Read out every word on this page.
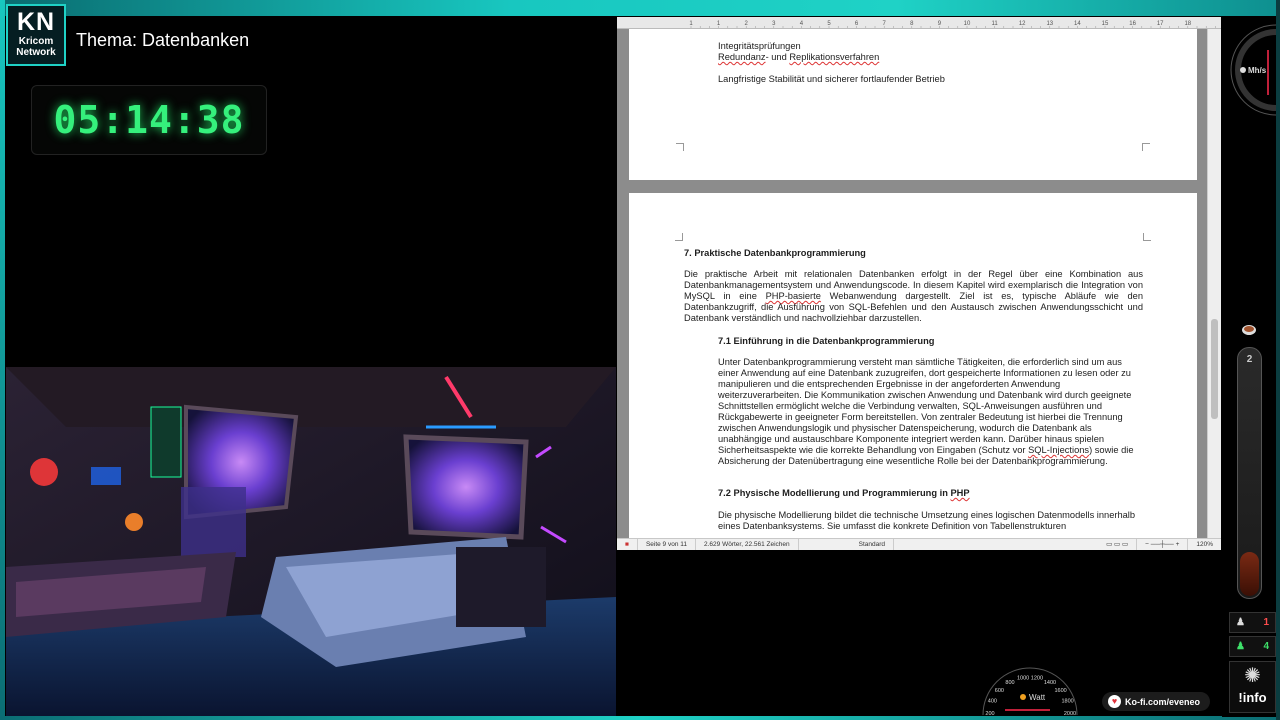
KN
Kricom
Network
Thema: Datenbanken
05:14:38
1	1	2	3	4	5	6	7	8	9	10	11	12	13	14	15	16	17	18
Integritätsprüfungen
Redundanz- und Replikationsverfahren
Langfristige Stabilität und sicherer fortlaufender Betrieb
7. Praktische Datenbankprogrammierung
Die praktische Arbeit mit relationalen Datenbanken erfolgt in der Regel über eine Kombination aus Datenbankmanagementsystem und Anwendungscode. In diesem Kapitel wird exemplarisch die Integration von MySQL in eine PHP-basierte Webanwendung dargestellt. Ziel ist es, typische Abläufe wie den Datenbankzugriff, die Ausführung von SQL-Befehlen und den Austausch zwischen Anwendungsschicht und Datenbank verständlich und nachvollziehbar darzustellen.
7.1 Einführung in die Datenbankprogrammierung
Unter Datenbankprogrammierung versteht man sämtliche Tätigkeiten, die erforderlich sind um aus einer Anwendung auf eine Datenbank zuzugreifen, dort gespeicherte Informationen zu lesen oder zu manipulieren und die entsprechenden Ergebnisse in der angeforderten Anwendung weiterzuverarbeiten. Die Kommunikation zwischen Anwendung und Datenbank wird durch geeignete Schnittstellen ermöglicht welche die Verbindung verwalten, SQL-Anweisungen ausführen und Rückgabewerte in geeigneter Form bereitstellen. Von zentraler Bedeutung ist hierbei die Trennung zwischen Anwendungslogik und physischer Datenspeicherung, wodurch die Datenbank als unabhängige und austauschbare Komponente integriert werden kann. Darüber hinaus spielen Sicherheitsaspekte wie die korrekte Behandlung von Eingaben (Schutz vor SQL-Injections) sowie die Absicherung der Datenübertragung eine wesentliche Rolle bei der Datenbankprogrammierung.
7.2 Physische Modellierung und Programmierung in PHP
Die physische Modellierung bildet die technische Umsetzung eines logischen Datenmodells innerhalb eines Datenbanksystems. Sie umfasst die konkrete Definition von Tabellenstrukturen
■	Seite 9 von 11	2.629 Wörter, 22.561 Zeichen	Standard	▭ ▭ ▭	− ──┼── +	120%
Mh/s
2
♟ 1
♟ 4
✺
!info
200
400
600
800
1000 1200
1400
1600
1800
2000
Watt	♥ Ko-fi.com/eveneo
